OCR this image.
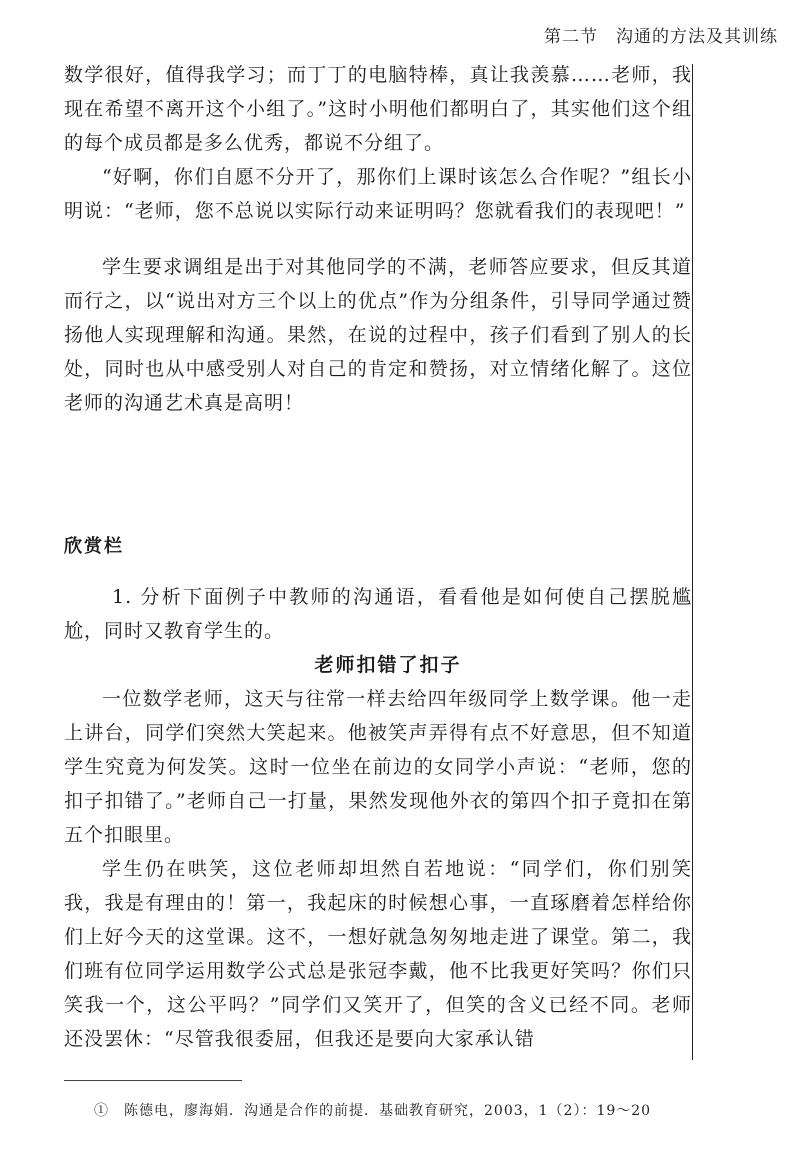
第二节　沟通的方法及其训练

数学很好，值得我学习；而丁丁的电脑特棒，真让我羡慕……老师，我现在希望不离开这个小组了。”这时小明他们都明白了，其实他们这个组的每个成员都是多么优秀，都说不分组了。

“好啊，你们自愿不分开了，那你们上课时该怎么合作呢？”组长小明说：“老师，您不总说以实际行动来证明吗？您就看我们的表现吧！”

学生要求调组是出于对其他同学的不满，老师答应要求，但反其道而行之，以“说出对方三个以上的优点”作为分组条件，引导同学通过赞扬他人实现理解和沟通。果然，在说的过程中，孩子们看到了别人的长处，同时也从中感受别人对自己的肯定和赞扬，对立情绪化解了。这位老师的沟通艺术真是高明！

欣赏栏

1. 分析下面例子中教师的沟通语，看看他是如何使自己摆脱尴尬，同时又教育学生的。

老师扣错了扣子

一位数学老师，这天与往常一样去给四年级同学上数学课。他一走上讲台，同学们突然大笑起来。他被笑声弄得有点不好意思，但不知道学生究竟为何发笑。这时一位坐在前边的女同学小声说：“老师，您的扣子扣错了。”老师自己一打量，果然发现他外衣的第四个扣子竟扣在第五个扣眼里。

学生仍在哄笑，这位老师却坦然自若地说：“同学们，你们别笑我，我是有理由的！第一，我起床的时候想心事，一直琢磨着怎样给你们上好今天的这堂课。这不，一想好就急匆匆地走进了课堂。第二，我们班有位同学运用数学公式总是张冠李戴，他不比我更好笑吗？你们只笑我一个，这公平吗？”同学们又笑开了，但笑的含义已经不同。老师还没罢休：“尽管我很委屈，但我还是要向大家承认错

①　陈德电，廖海娟．沟通是合作的前提．基础教育研究，2003，1（2）：19～20
